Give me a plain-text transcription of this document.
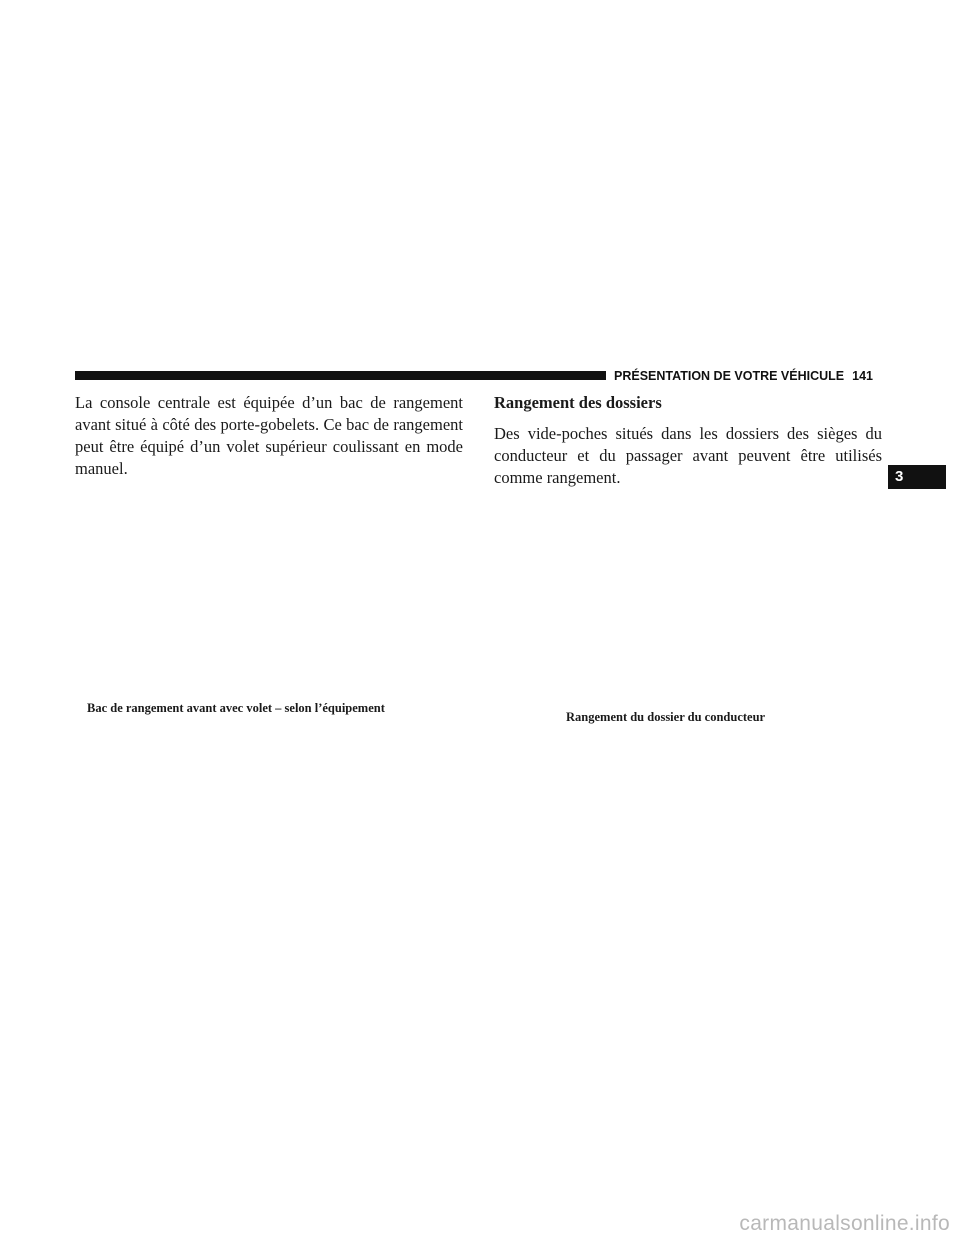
PRÉSENTATION DE VOTRE VÉHICULE 141

La console centrale est équipée d’un bac de rangement avant situé à côté des porte-gobelets. Ce bac de rangement peut être équipé d’un volet supérieur coulissant en mode manuel.

Rangement des dossiers

Des vide-poches situés dans les dossiers des sièges du conducteur et du passager avant peuvent être utilisés comme rangement.

Bac de rangement avant avec volet – selon l’équipement
Rangement du dossier du conducteur
3
carmanualsonline.info
